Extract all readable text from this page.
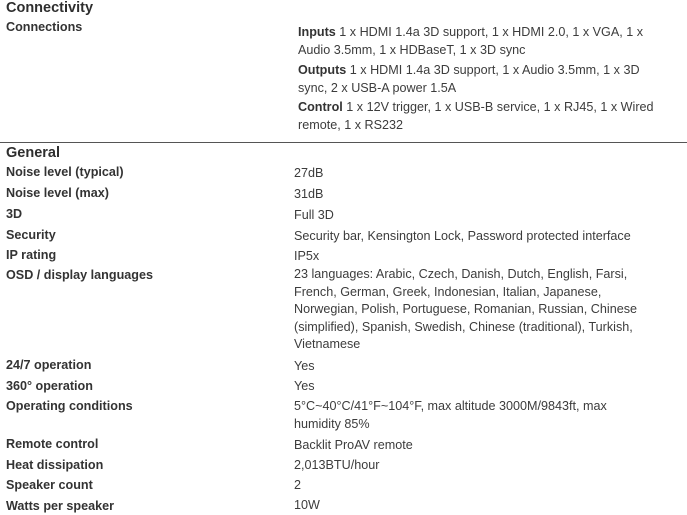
Connectivity
Connections	Inputs 1 x HDMI 1.4a 3D support, 1 x HDMI 2.0, 1 x VGA, 1 x Audio 3.5mm, 1 x HDBaseT, 1 x 3D sync
Outputs 1 x HDMI 1.4a 3D support, 1 x Audio 3.5mm, 1 x 3D sync, 2 x USB-A power 1.5A
Control 1 x 12V trigger, 1 x USB-B service, 1 x RJ45, 1 x Wired remote, 1 x RS232
General
Noise level (typical)	27dB
Noise level (max)	31dB
3D	Full 3D
Security	Security bar, Kensington Lock, Password protected interface
IP rating	IP5x
OSD / display languages	23 languages: Arabic, Czech, Danish, Dutch, English, Farsi, French, German, Greek, Indonesian, Italian, Japanese, Norwegian, Polish, Portuguese, Romanian, Russian, Chinese (simplified), Spanish, Swedish, Chinese (traditional), Turkish, Vietnamese
24/7 operation	Yes
360° operation	Yes
Operating conditions	5°C~40°C/41°F~104°F, max altitude 3000M/9843ft, max humidity 85%
Remote control	Backlit ProAV remote
Heat dissipation	2,013BTU/hour
Speaker count	2
Watts per speaker	10W
